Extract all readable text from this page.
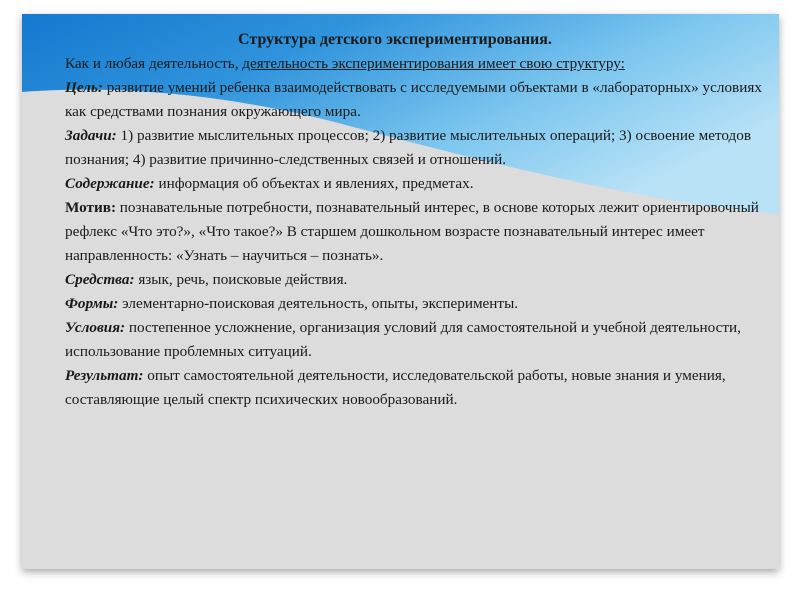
Структура детского экспериментирования.

Как и любая деятельность, деятельность экспериментирования имеет свою структуру:

Цель: развитие умений ребенка взаимодействовать с исследуемыми объектами в «лабораторных» условиях как средствами познания окружающего мира.

Задачи: 1) развитие мыслительных процессов; 2) развитие мыслительных операций; 3) освоение методов познания; 4) развитие причинно-следственных связей и отношений.

Содержание: информация об объектах и явлениях, предметах.

Мотив: познавательные потребности, познавательный интерес, в основе которых лежит ориентировочный рефлекс «Что это?», «Что такое?» В старшем дошкольном возрасте познавательный интерес имеет направленность: «Узнать – научиться – познать».

Средства: язык, речь, поисковые действия.

Формы: элементарно-поисковая деятельность, опыты, эксперименты.

Условия: постепенное усложнение, организация условий для самостоятельной и учебной деятельности, использование проблемных ситуаций.

Результат: опыт самостоятельной деятельности, исследовательской работы, новые знания и умения, составляющие целый спектр психических новообразований.
